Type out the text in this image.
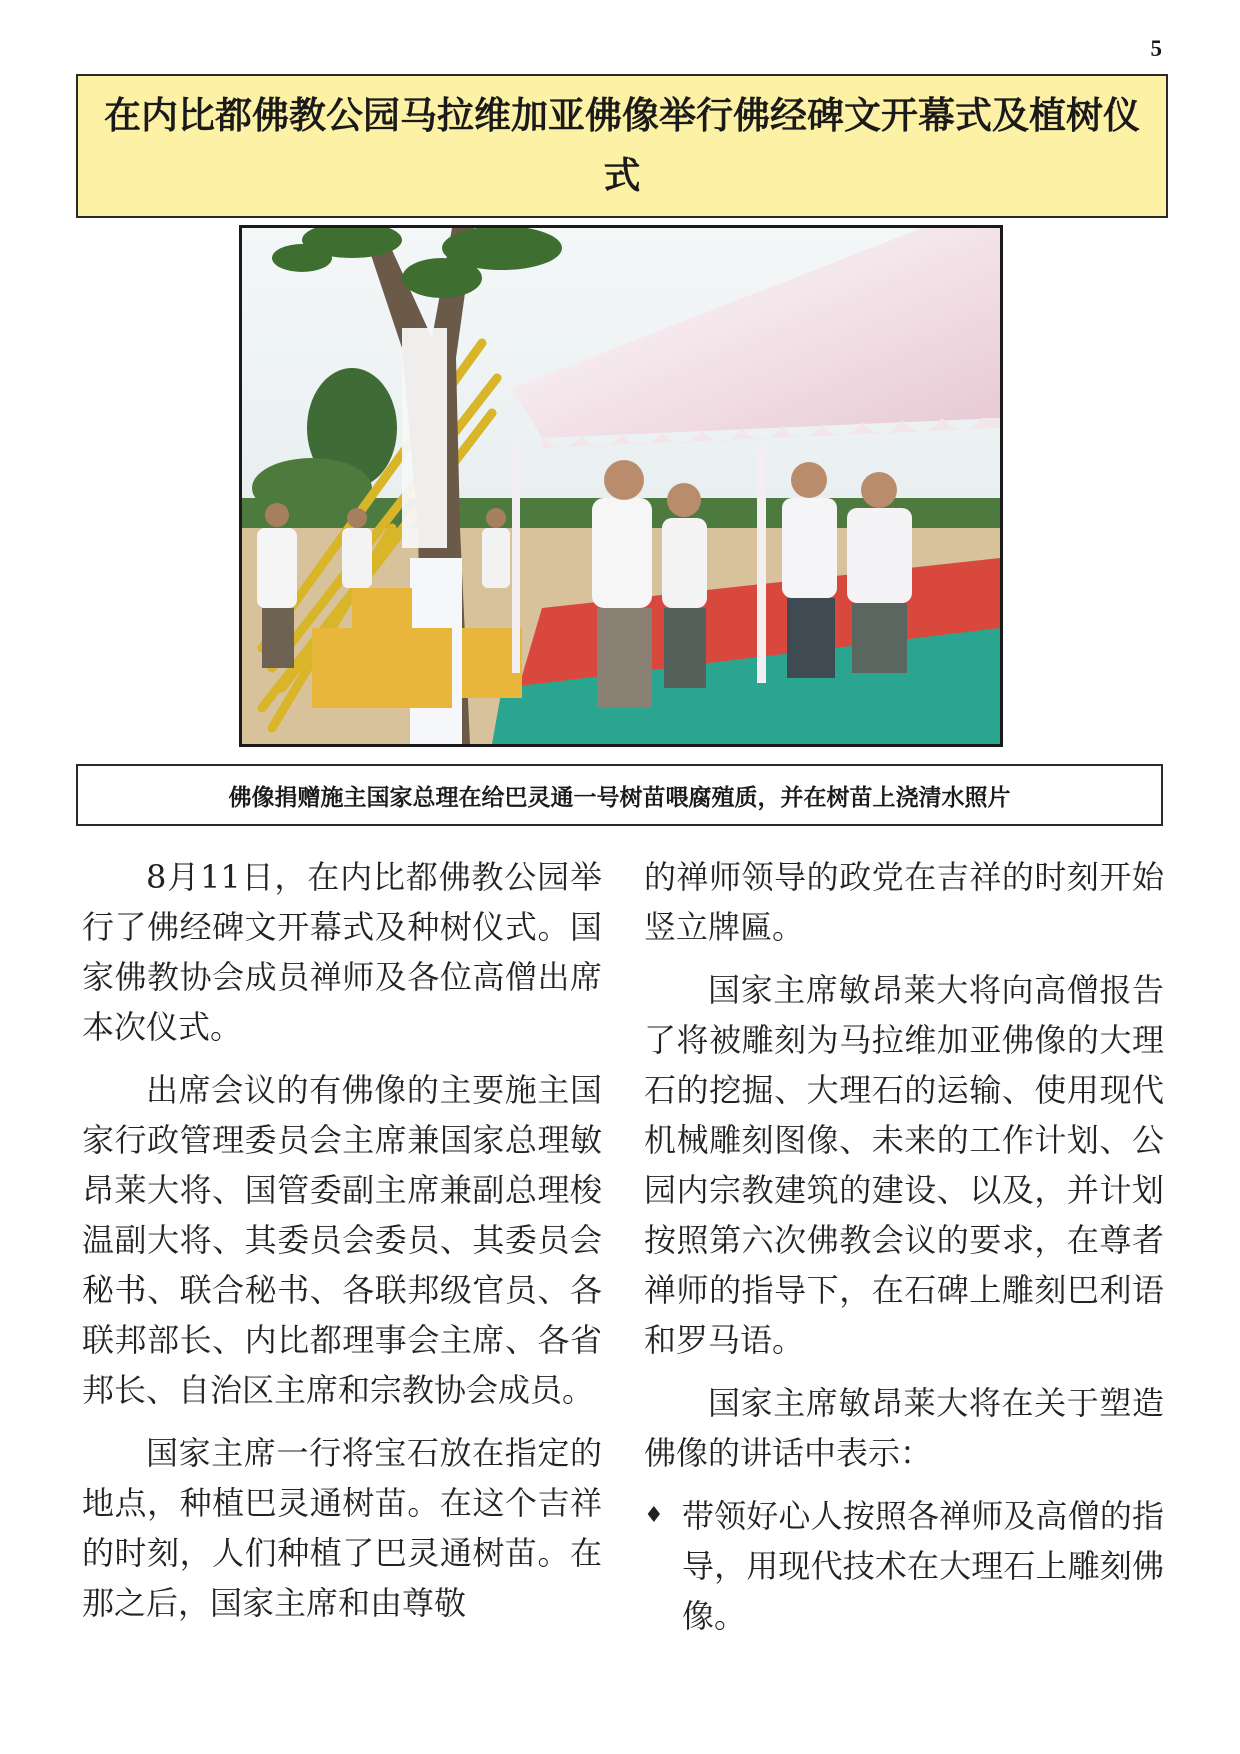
5
在内比都佛教公园马拉维加亚佛像举行佛经碑文开幕式及植树仪式
佛像捐赠施主国家总理在给巴灵通一号树苗喂腐殖质，并在树苗上浇清水照片

8月11日，在内比都佛教公园举行了佛经碑文开幕式及种树仪式。国家佛教协会成员禅师及各位高僧出席本次仪式。

出席会议的有佛像的主要施主国家行政管理委员会主席兼国家总理敏昂莱大将、国管委副主席兼副总理梭温副大将、其委员会委员、其委员会秘书、联合秘书、各联邦级官员、各联邦部长、内比都理事会主席、各省邦长、自治区主席和宗教协会成员。

国家主席一行将宝石放在指定的地点，种植巴灵通树苗。在这个吉祥的时刻，人们种植了巴灵通树苗。在那之后，国家主席和由尊敬

的禅师领导的政党在吉祥的时刻开始竖立牌匾。

国家主席敏昂莱大将向高僧报告了将被雕刻为马拉维加亚佛像的大理石的挖掘、大理石的运输、使用现代机械雕刻图像、未来的工作计划、公园内宗教建筑的建设、以及，并计划按照第六次佛教会议的要求，在尊者禅师的指导下，在石碑上雕刻巴利语和罗马语。

国家主席敏昂莱大将在关于塑造佛像的讲话中表示：

♦ 带领好心人按照各禅师及高僧的指导，用现代技术在大理石上雕刻佛像。
